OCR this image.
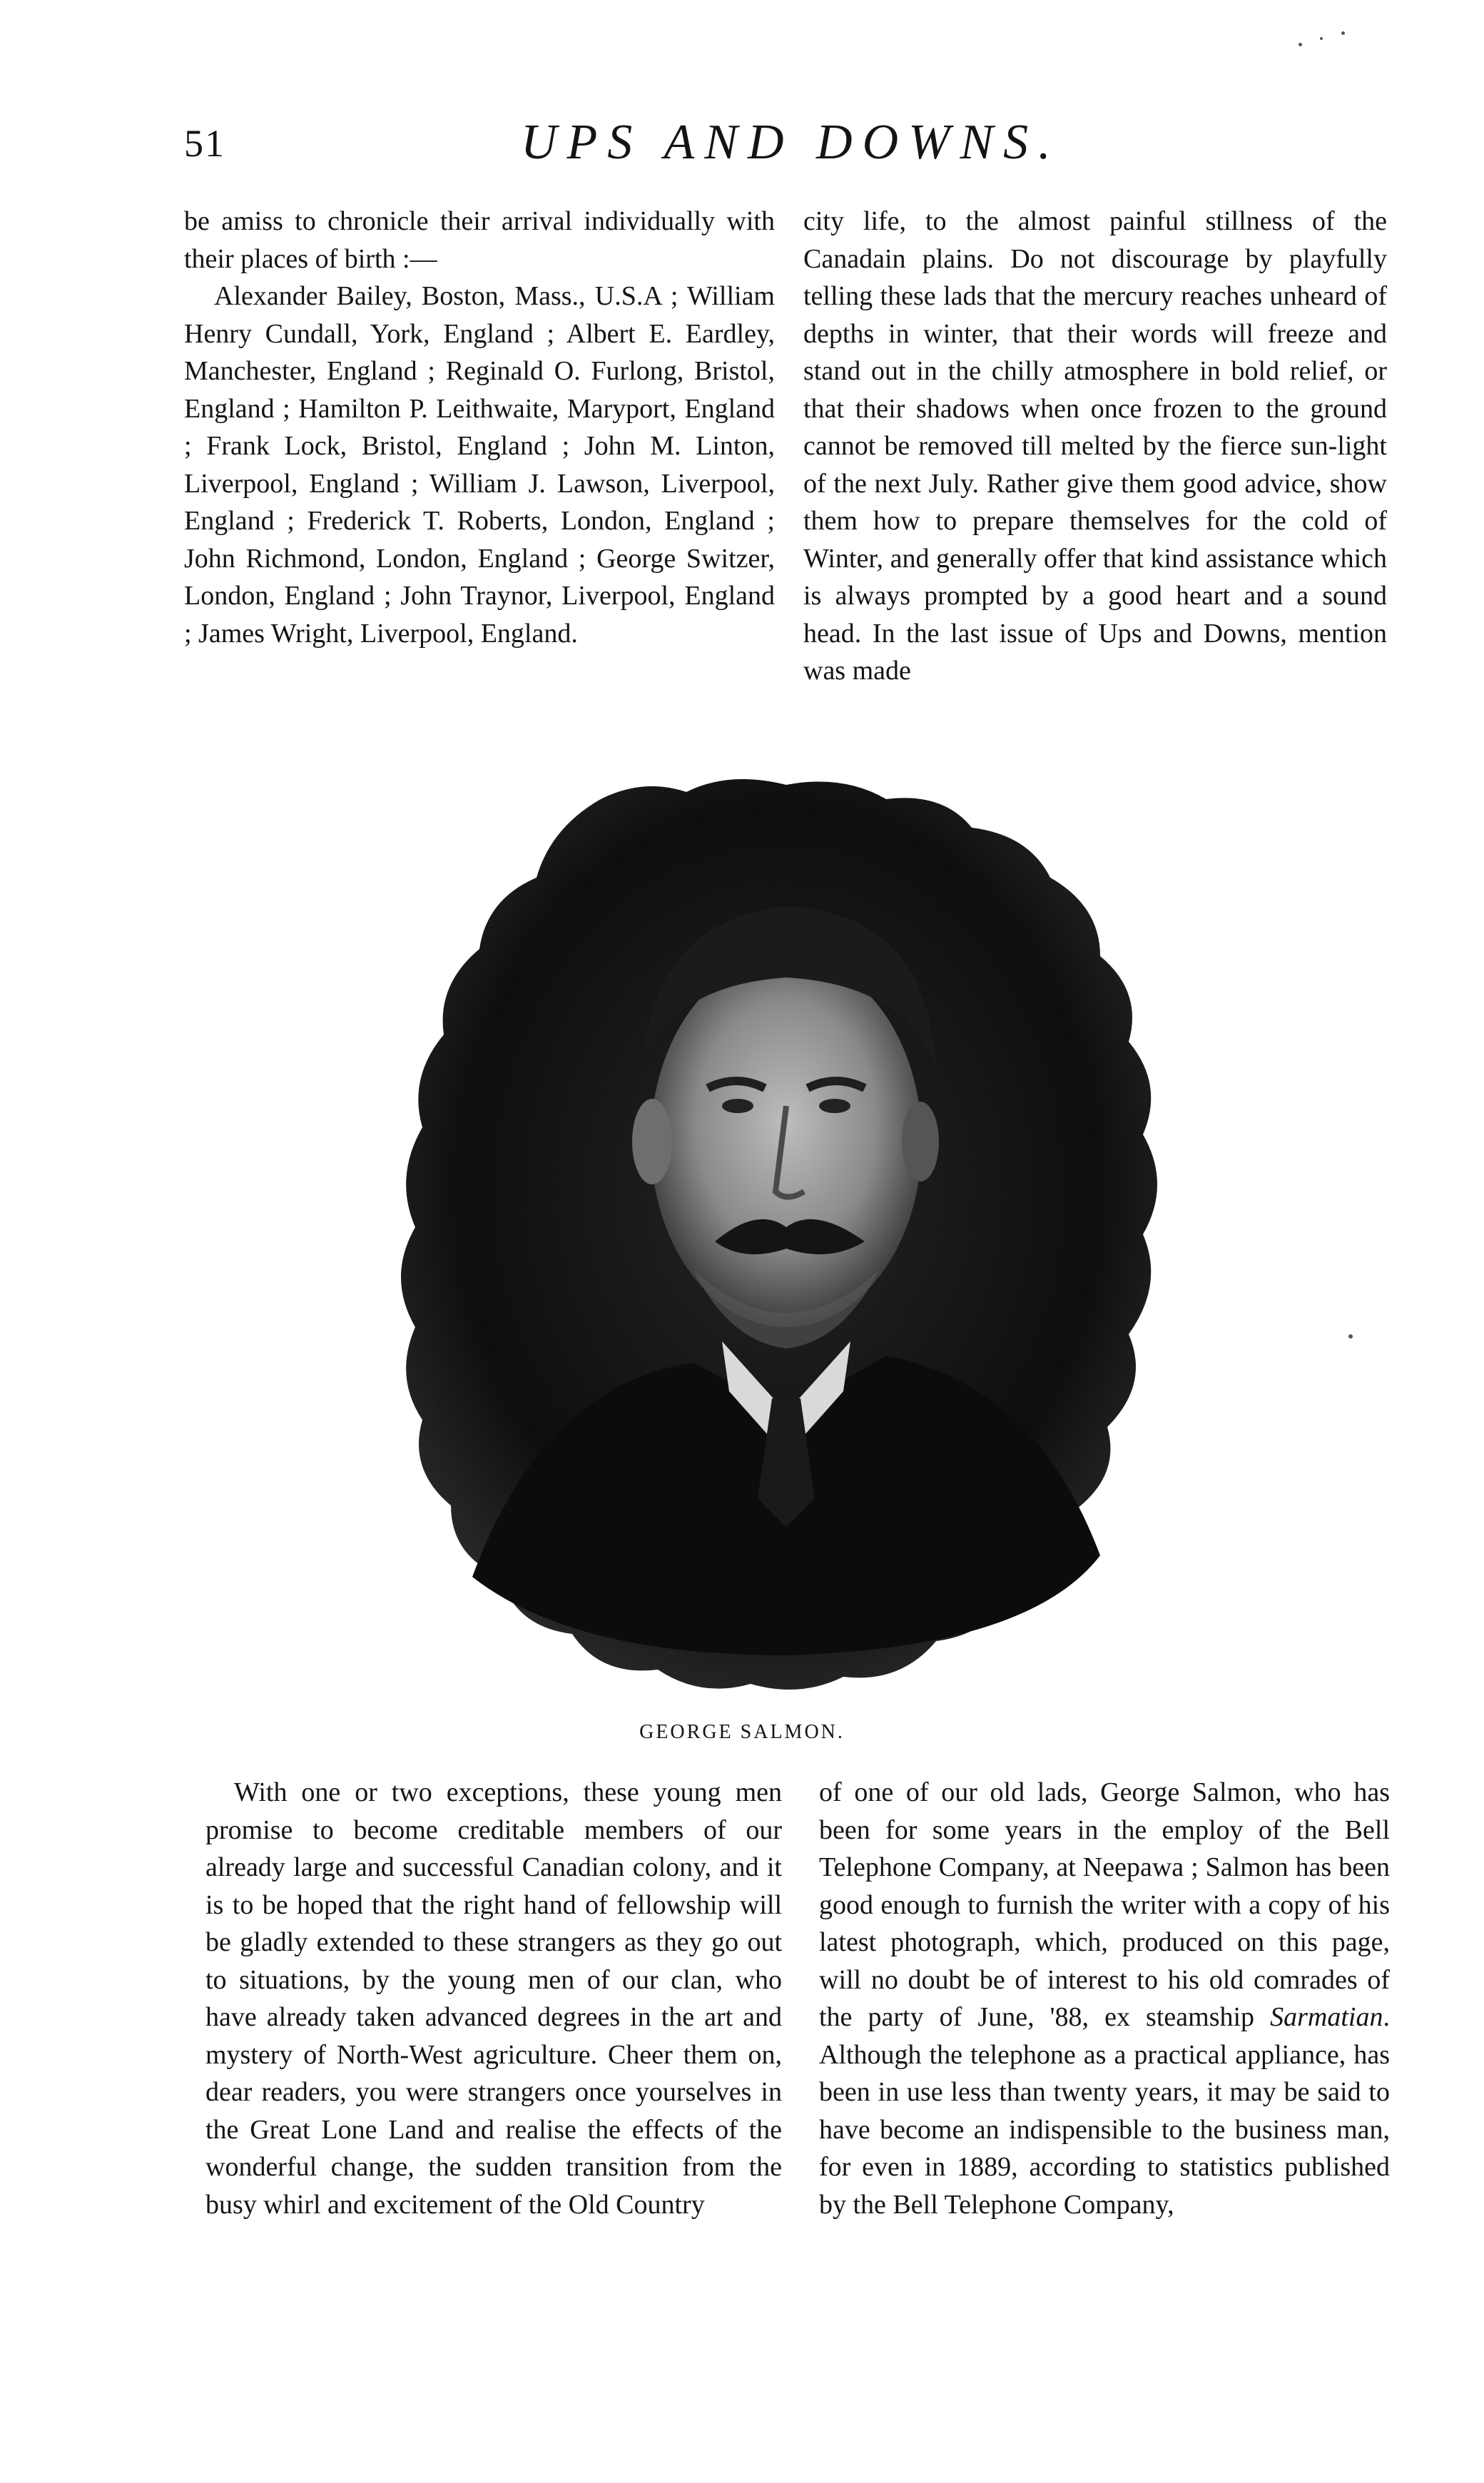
51	UPS AND DOWNS.

be amiss to chronicle their arrival individually with their places of birth :—

Alexander Bailey, Boston, Mass., U.S.A ; William Henry Cundall, York, England ; Albert E. Eardley, Manchester, England ; Reginald O. Furlong, Bristol, England ; Hamilton P. Leithwaite, Maryport, England ; Frank Lock, Bristol, England ; John M. Linton, Liverpool, England ; William J. Lawson, Liverpool, England ; Frederick T. Roberts, London, England ; John Richmond, London, England ; George Switzer, London, England ; John Traynor, Liverpool, England ; James Wright, Liverpool, England.

city life, to the almost painful stillness of the Canadain plains. Do not discourage by playfully telling these lads that the mercury reaches unheard of depths in winter, that their words will freeze and stand out in the chilly atmosphere in bold relief, or that their shadows when once frozen to the ground cannot be removed till melted by the fierce sun-light of the next July. Rather give them good advice, show them how to prepare themselves for the cold of Winter, and generally offer that kind assistance which is always prompted by a good heart and a sound head. In the last issue of Ups and Downs, mention was made

GEORGE SALMON.

With one or two exceptions, these young men promise to become creditable members of our already large and successful Canadian colony, and it is to be hoped that the right hand of fellowship will be gladly extended to these strangers as they go out to situations, by the young men of our clan, who have already taken advanced degrees in the art and mystery of North-West agriculture. Cheer them on, dear readers, you were strangers once yourselves in the Great Lone Land and realise the effects of the wonderful change, the sudden transition from the busy whirl and excitement of the Old Country

of one of our old lads, George Salmon, who has been for some years in the employ of the Bell Telephone Company, at Neepawa ; Salmon has been good enough to furnish the writer with a copy of his latest photograph, which, produced on this page, will no doubt be of interest to his old comrades of the party of June, '88, ex steamship Sarmatian. Although the telephone as a practical appliance, has been in use less than twenty years, it may be said to have become an indispensible to the business man, for even in 1889, according to statistics published by the Bell Telephone Company,
